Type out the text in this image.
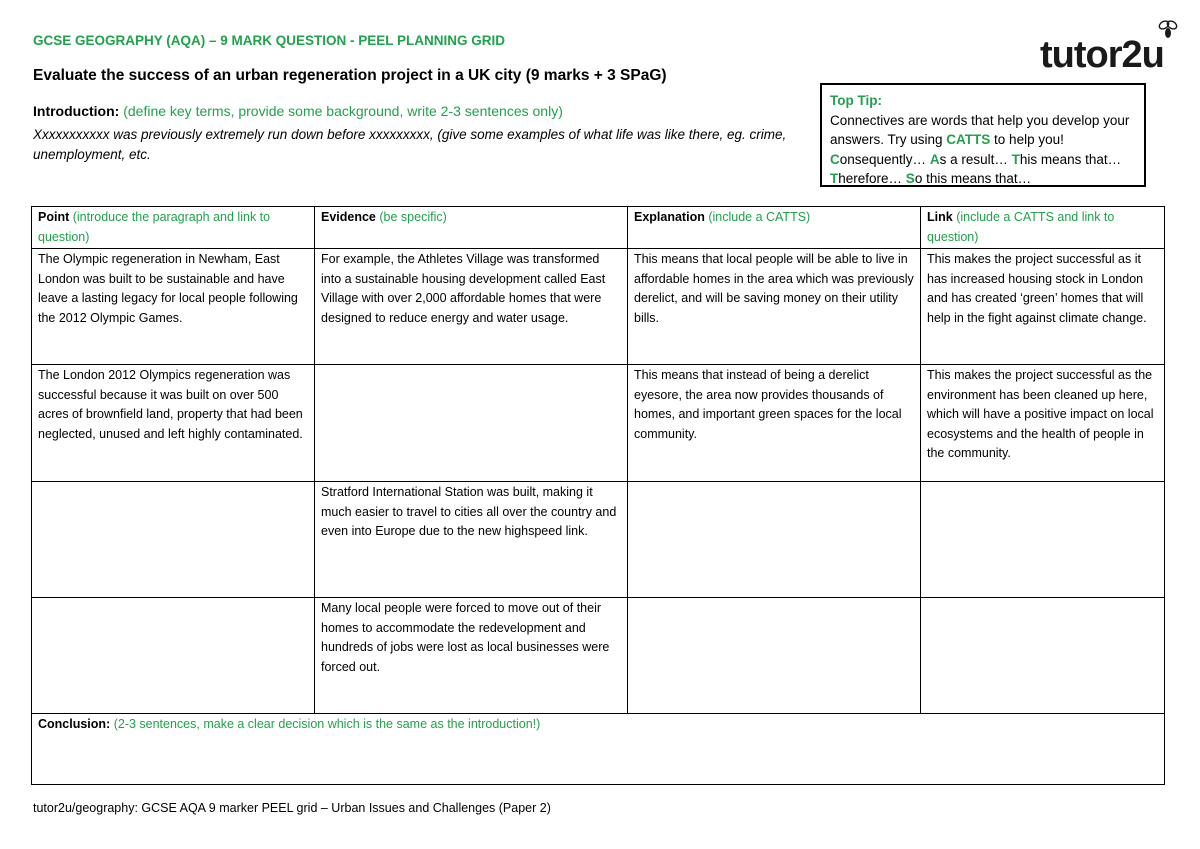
GCSE GEOGRAPHY (AQA) – 9 MARK QUESTION - PEEL PLANNING GRID	tutor2u
Evaluate the success of an urban regeneration project in a UK city (9 marks + 3 SPaG)
Introduction: (define key terms, provide some background, write 2-3 sentences only)
Xxxxxxxxxxx was previously extremely run down before xxxxxxxxx, (give some examples of what life was like there, eg. crime, unemployment, etc.
Top Tip:
Connectives are words that help you develop your answers. Try using CATTS to help you!
Consequently… As a result… This means that… Therefore… So this means that…
Point (introduce the paragraph and link to question)	Evidence (be specific)	Explanation (include a CATTS)	Link (include a CATTS and link to question)
The Olympic regeneration in Newham, East London was built to be sustainable and have leave a lasting legacy for local people following the 2012 Olympic Games.	For example, the Athletes Village was transformed into a sustainable housing development called East Village with over 2,000 affordable homes that were designed to reduce energy and water usage.	This means that local people will be able to live in affordable homes in the area which was previously derelict, and will be saving money on their utility bills.	This makes the project successful as it has increased housing stock in London and has created ‘green’ homes that will help in the fight against climate change.
The London 2012 Olympics regeneration was successful because it was built on over 500 acres of brownfield land, property that had been neglected, unused and left highly contaminated.		This means that instead of being a derelict eyesore, the area now provides thousands of homes, and important green spaces for the local community.	This makes the project successful as the environment has been cleaned up here, which will have a positive impact on local ecosystems and the health of people in the community.
	Stratford International Station was built, making it much easier to travel to cities all over the country and even into Europe due to the new highspeed link.		
	Many local people were forced to move out of their homes to accommodate the redevelopment and hundreds of jobs were lost as local businesses were forced out.		
Conclusion: (2-3 sentences, make a clear decision which is the same as the introduction!)			
tutor2u/geography: GCSE AQA 9 marker PEEL grid – Urban Issues and Challenges (Paper 2)
